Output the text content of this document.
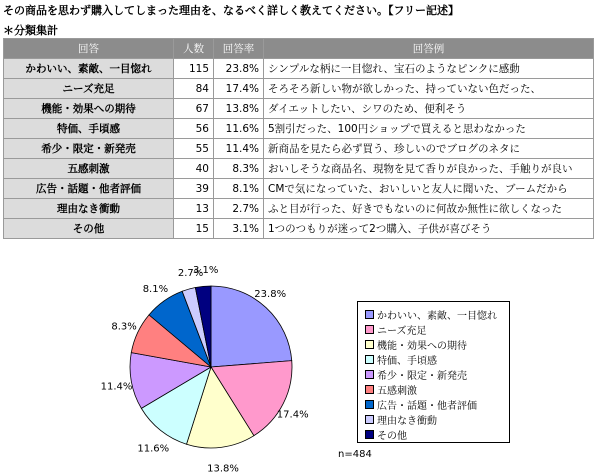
その商品を思わず購入してしまった理由を、なるべく詳しく教えてください。【フリー記述】
＊分類集計
回答	人数	回答率	回答例
かわいい、素敵、一目惚れ	115	23.8%	シンプルな柄に一目惚れ、宝石のようなピンクに感動
ニーズ充足	84	17.4%	そろそろ新しい物が欲しかった、持っていない色だった、
機能・効果への期待	67	13.8%	ダイエットしたい、シワのため、便利そう
特価、手頃感	56	11.6%	5割引だった、100円ショップで買えると思わなかった
希少・限定・新発売	55	11.4%	新商品を見たら必ず買う、珍しいのでブログのネタに
五感刺激	40	8.3%	おいしそうな商品名、現物を見て香りが良かった、手触りが良い
広告・話題・他者評価	39	8.1%	CMで気になっていた、おいしいと友人に聞いた、ブームだから
理由なき衝動	13	2.7%	ふと目が行った、好きでもないのに何故か無性に欲しくなった
その他	15	3.1%	1つのつもりが迷って2つ購入、子供が喜びそう
23.8%
17.4%
13.8%
11.6%
11.4%
8.3%
8.1%
2.7%
3.1%
かわいい、素敵、一目惚れ
ニーズ充足
機能・効果への期待
特価、手頃感
希少・限定・新発売
五感刺激
広告・話題・他者評価
理由なき衝動
その他
n=484
